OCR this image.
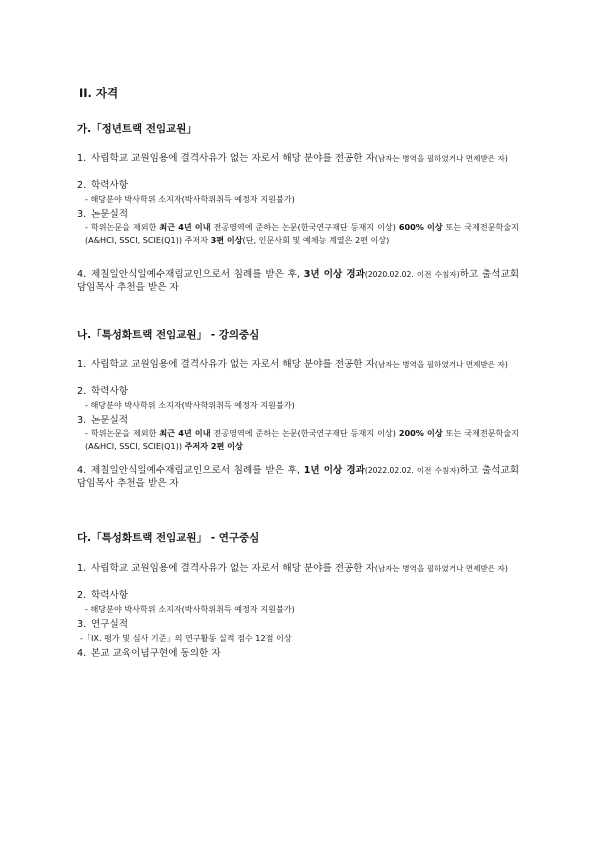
II. 자격
가.「정년트랙 전임교원」
1. 사립학교 교원임용에 결격사유가 없는 자로서 해당 분야를 전공한 자(남자는 병역을 필하였거나 면제받은 자)
2. 학력사항
- 해당분야 박사학위 소지자(박사학위취득 예정자 지원불가)
3. 논문실적
- 학위논문을 제외한 최근 4년 이내 전공영역에 준하는 논문(한국연구재단 등재지 이상) 600% 이상 또는 국제전문학술지(A&HCI, SSCI, SCIE(Q1)) 주저자 3편 이상(단, 인문사회 및 예체능 계열은 2편 이상)
4. 제칠일안식일예수재림교인으로서 침례를 받은 후, 3년 이상 경과(2020.02.02. 이전 수침자)하고 출석교회 담임목사 추천을 받은 자
나.「특성화트랙 전임교원」 - 강의중심
1. 사립학교 교원임용에 결격사유가 없는 자로서 해당 분야를 전공한 자(남자는 병역을 필하였거나 면제받은 자)
2. 학력사항
- 해당분야 박사학위 소지자(박사학위취득 예정자 지원불가)
3. 논문실적
- 학위논문을 제외한 최근 4년 이내 전공영역에 준하는 논문(한국연구재단 등재지 이상) 200% 이상 또는 국제전문학술지(A&HCI, SSCI, SCIE(Q1)) 주저자 2편 이상
4. 제칠일안식일예수재림교인으로서 침례를 받은 후, 1년 이상 경과(2022.02.02. 이전 수침자)하고 출석교회 담임목사 추천을 받은 자
다.「특성화트랙 전임교원」 - 연구중심
1. 사립학교 교원임용에 결격사유가 없는 자로서 해당 분야를 전공한 자(남자는 병역을 필하였거나 면제받은 자)
2. 학력사항
- 해당분야 박사학위 소지자(박사학위취득 예정자 지원불가)
3. 연구실적
-「IX. 평가 및 심사 기준」의 연구활동 실적 점수 12점 이상
4. 본교 교육이념구현에 동의한 자
